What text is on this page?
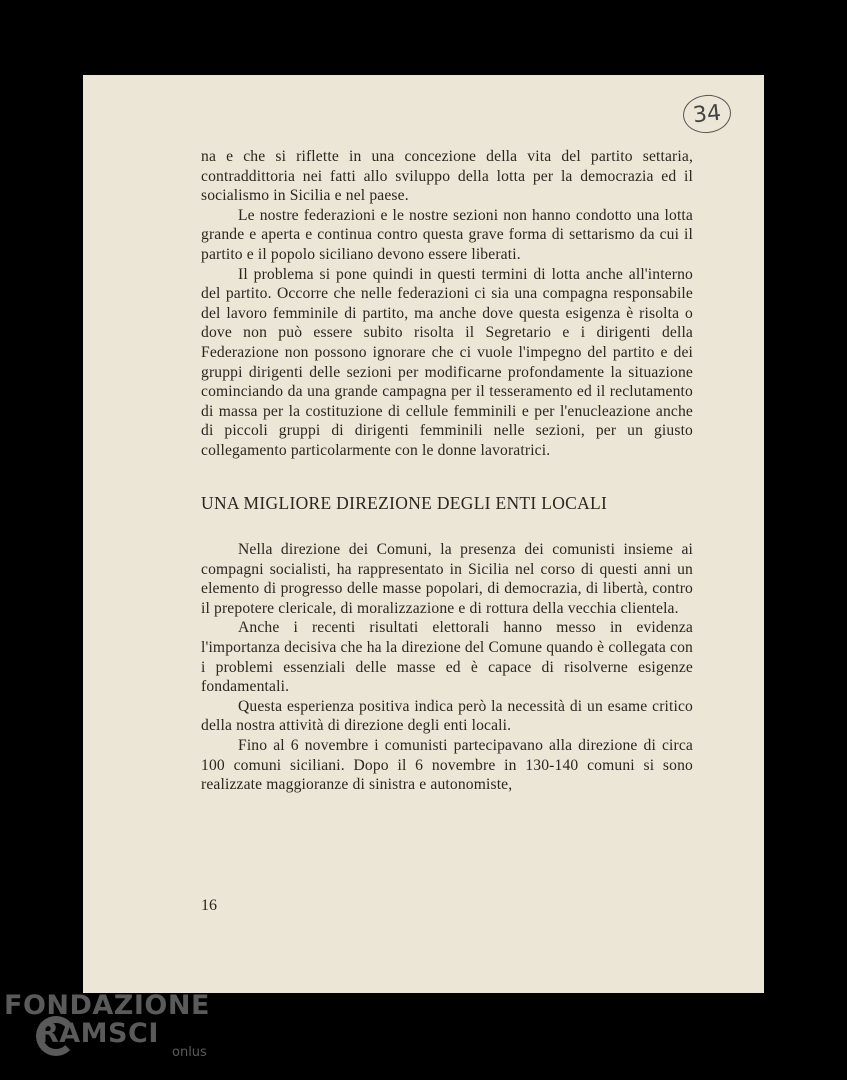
34

na e che si riflette in una concezione della vita del partito settaria, contraddittoria nei fatti allo sviluppo della lotta per la democrazia ed il socialismo in Sicilia e nel paese.

Le nostre federazioni e le nostre sezioni non hanno condotto una lotta grande e aperta e continua contro questa grave forma di settarismo da cui il partito e il popolo siciliano devono essere liberati.

Il problema si pone quindi in questi termini di lotta anche all'interno del partito. Occorre che nelle federazioni ci sia una compagna responsabile del lavoro femminile di partito, ma anche dove questa esigenza è risolta o dove non può essere subito risolta il Segretario e i dirigenti della Federazione non possono ignorare che ci vuole l'impegno del partito e dei gruppi dirigenti delle sezioni per modificarne profondamente la situazione cominciando da una grande campagna per il tesseramento ed il reclutamento di massa per la costituzione di cellule femminili e per l'enucleazione anche di piccoli gruppi di dirigenti femminili nelle sezioni, per un giusto collegamento particolarmente con le donne lavoratrici.

UNA MIGLIORE DIREZIONE DEGLI ENTI LOCALI

Nella direzione dei Comuni, la presenza dei comunisti insieme ai compagni socialisti, ha rappresentato in Sicilia nel corso di questi anni un elemento di progresso delle masse popolari, di democrazia, di libertà, contro il prepotere clericale, di moralizzazione e di rottura della vecchia clientela.

Anche i recenti risultati elettorali hanno messo in evidenza l'importanza decisiva che ha la direzione del Comune quando è collegata con i problemi essenziali delle masse ed è capace di risolverne esigenze fondamentali.

Questa esperienza positiva indica però la necessità di un esame critico della nostra attività di direzione degli enti locali.

Fino al 6 novembre i comunisti partecipavano alla direzione di circa 100 comuni siciliani. Dopo il 6 novembre in 130-140 comuni si sono realizzate maggioranze di sinistra e autonomiste,

16
FONDAZIONE
RAMSCI
onlus
